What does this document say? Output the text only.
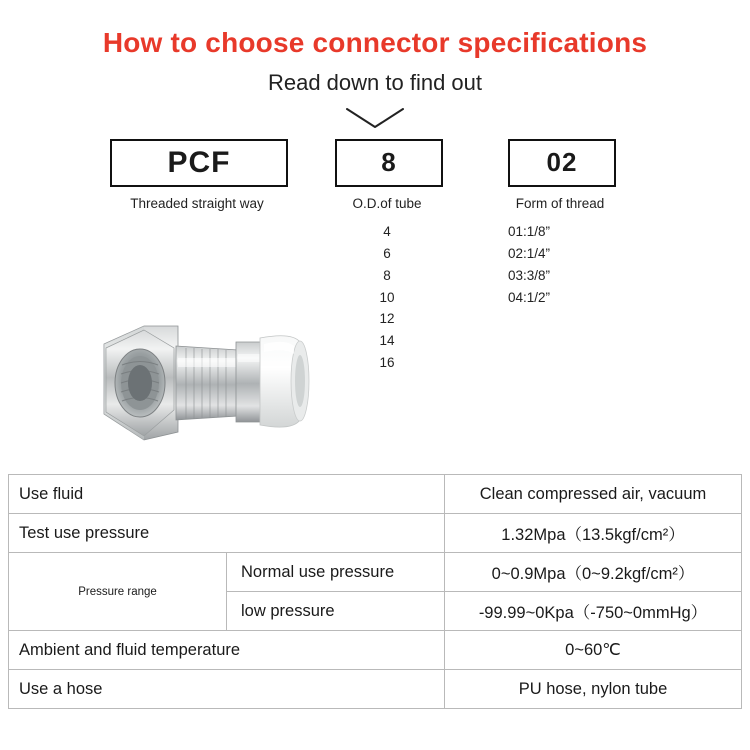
How to choose connector specifications
Read down to find out
PCF
Threaded straight way
8
O.D.of tube
4
6
8
10
12
14
16
02
Form of thread
01:1/8”
02:1/4”
03:3/8”
04:1/2”
Use fluid		Clean compressed air, vacuum
Test use pressure		1.32Mpa（13.5kgf/cm²）
Pressure range	Normal use pressure	0~0.9Mpa（0~9.2kgf/cm²）
	low pressure	-99.99~0Kpa（-750~0mmHg）
Ambient and fluid temperature		0~60℃
Use a hose		PU hose, nylon tube
